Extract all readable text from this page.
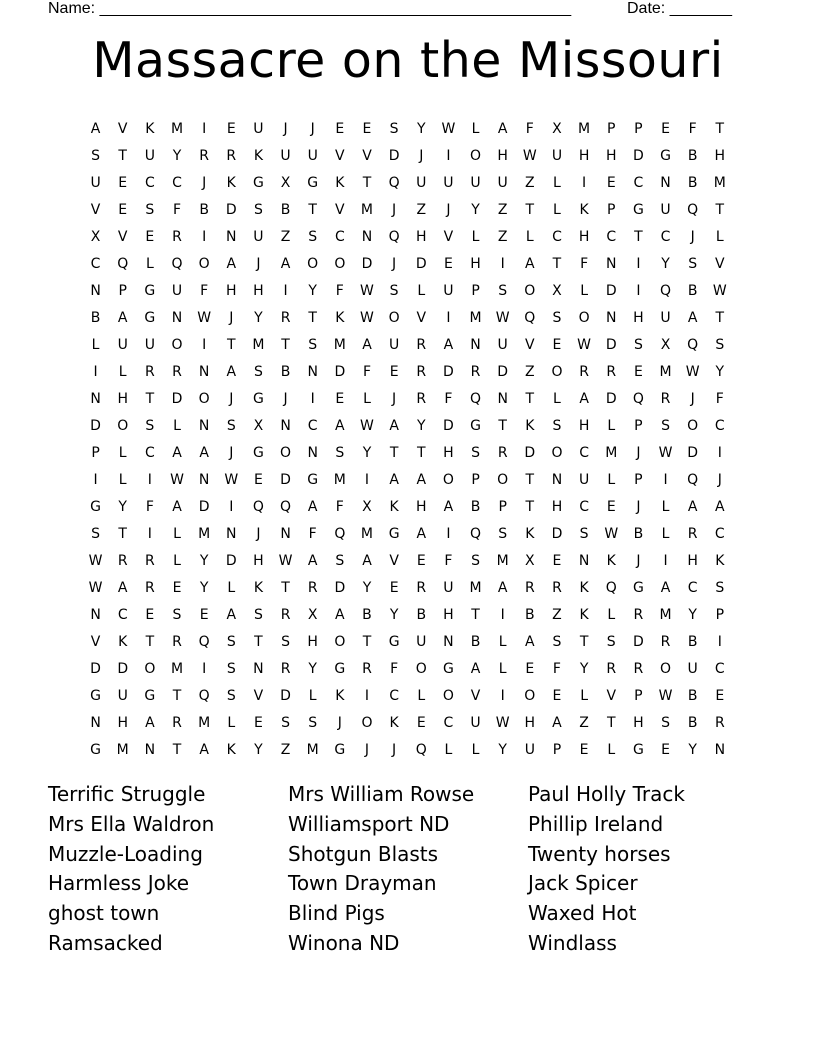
Name: _____________________________________________________	Date: _______
Massacre on the Missouri
A	V	K	M	I	E	U	J	J	E	E	S	Y	W	L	A	F	X	M	P	P	E	F	T
S	T	U	Y	R	R	K	U	U	V	V	D	J	I	O	H	W	U	H	H	D	G	B	H
U	E	C	C	J	K	G	X	G	K	T	Q	U	U	U	U	Z	L	I	E	C	N	B	M
V	E	S	F	B	D	S	B	T	V	M	J	Z	J	Y	Z	T	L	K	P	G	U	Q	T
X	V	E	R	I	N	U	Z	S	C	N	Q	H	V	L	Z	L	C	H	C	T	C	J	L
C	Q	L	Q	O	A	J	A	O	O	D	J	D	E	H	I	A	T	F	N	I	Y	S	V
N	P	G	U	F	H	H	I	Y	F	W	S	L	U	P	S	O	X	L	D	I	Q	B	W
B	A	G	N	W	J	Y	R	T	K	W	O	V	I	M	W	Q	S	O	N	H	U	A	T
L	U	U	O	I	T	M	T	S	M	A	U	R	A	N	U	V	E	W	D	S	X	Q	S
I	L	R	R	N	A	S	B	N	D	F	E	R	D	R	D	Z	O	R	R	E	M	W	Y
N	H	T	D	O	J	G	J	I	E	L	J	R	F	Q	N	T	L	A	D	Q	R	J	F
D	O	S	L	N	S	X	N	C	A	W	A	Y	D	G	T	K	S	H	L	P	S	O	C
P	L	C	A	A	J	G	O	N	S	Y	T	T	H	S	R	D	O	C	M	J	W	D	I
I	L	I	W	N	W	E	D	G	M	I	A	A	O	P	O	T	N	U	L	P	I	Q	J
G	Y	F	A	D	I	Q	Q	A	F	X	K	H	A	B	P	T	H	C	E	J	L	A	A
S	T	I	L	M	N	J	N	F	Q	M	G	A	I	Q	S	K	D	S	W	B	L	R	C
W	R	R	L	Y	D	H	W	A	S	A	V	E	F	S	M	X	E	N	K	J	I	H	K
W	A	R	E	Y	L	K	T	R	D	Y	E	R	U	M	A	R	R	K	Q	G	A	C	S
N	C	E	S	E	A	S	R	X	A	B	Y	B	H	T	I	B	Z	K	L	R	M	Y	P
V	K	T	R	Q	S	T	S	H	O	T	G	U	N	B	L	A	S	T	S	D	R	B	I
D	D	O	M	I	S	N	R	Y	G	R	F	O	G	A	L	E	F	Y	R	R	O	U	C
G	U	G	T	Q	S	V	D	L	K	I	C	L	O	V	I	O	E	L	V	P	W	B	E
N	H	A	R	M	L	E	S	S	J	O	K	E	C	U	W	H	A	Z	T	H	S	B	R
G	M	N	T	A	K	Y	Z	M	G	J	J	Q	L	L	Y	U	P	E	L	G	E	Y	N
Terrific Struggle
Mrs Ella Waldron
Muzzle-Loading
Harmless Joke
ghost town
Ramsacked
Mrs William Rowse
Williamsport ND
Shotgun Blasts
Town Drayman
Blind Pigs
Winona ND
Paul Holly Track
Phillip Ireland
Twenty horses
Jack Spicer
Waxed Hot
Windlass
